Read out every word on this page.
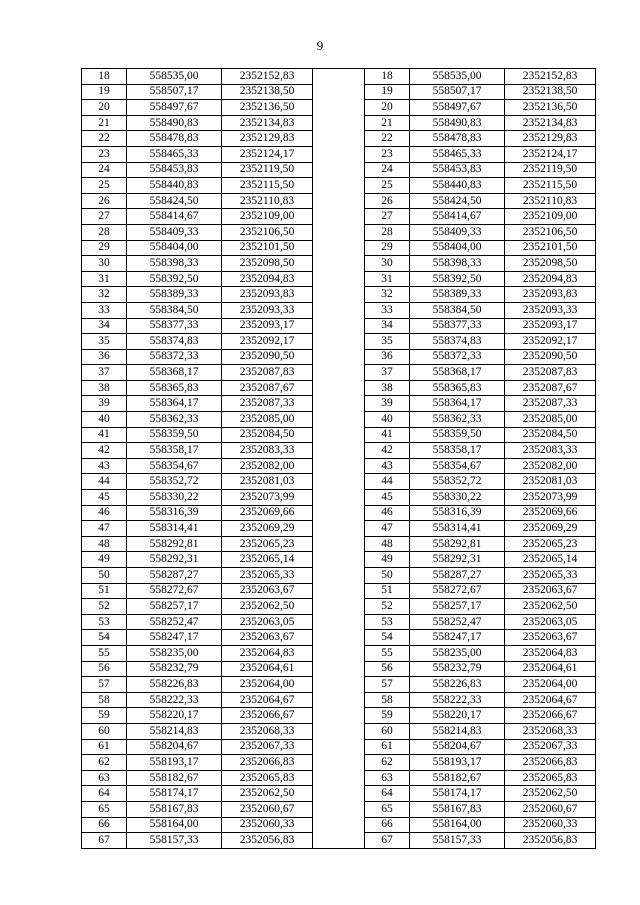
9
18	558535,00	2352152,83		18	558535,00	2352152,83
19	558507,17	2352138,50		19	558507,17	2352138,50
20	558497,67	2352136,50		20	558497,67	2352136,50
21	558490,83	2352134,83		21	558490,83	2352134,83
22	558478,83	2352129,83		22	558478,83	2352129,83
23	558465,33	2352124,17		23	558465,33	2352124,17
24	558453,83	2352119,50		24	558453,83	2352119,50
25	558440,83	2352115,50		25	558440,83	2352115,50
26	558424,50	2352110,83		26	558424,50	2352110,83
27	558414,67	2352109,00		27	558414,67	2352109,00
28	558409,33	2352106,50		28	558409,33	2352106,50
29	558404,00	2352101,50		29	558404,00	2352101,50
30	558398,33	2352098,50		30	558398,33	2352098,50
31	558392,50	2352094,83		31	558392,50	2352094,83
32	558389,33	2352093,83		32	558389,33	2352093,83
33	558384,50	2352093,33		33	558384,50	2352093,33
34	558377,33	2352093,17		34	558377,33	2352093,17
35	558374,83	2352092,17		35	558374,83	2352092,17
36	558372,33	2352090,50		36	558372,33	2352090,50
37	558368,17	2352087,83		37	558368,17	2352087,83
38	558365,83	2352087,67		38	558365,83	2352087,67
39	558364,17	2352087,33		39	558364,17	2352087,33
40	558362,33	2352085,00		40	558362,33	2352085,00
41	558359,50	2352084,50		41	558359,50	2352084,50
42	558358,17	2352083,33		42	558358,17	2352083,33
43	558354,67	2352082,00		43	558354,67	2352082,00
44	558352,72	2352081,03		44	558352,72	2352081,03
45	558330,22	2352073,99		45	558330,22	2352073,99
46	558316,39	2352069,66		46	558316,39	2352069,66
47	558314,41	2352069,29		47	558314,41	2352069,29
48	558292,81	2352065,23		48	558292,81	2352065,23
49	558292,31	2352065,14		49	558292,31	2352065,14
50	558287,27	2352065,33		50	558287,27	2352065,33
51	558272,67	2352063,67		51	558272,67	2352063,67
52	558257,17	2352062,50		52	558257,17	2352062,50
53	558252,47	2352063,05		53	558252,47	2352063,05
54	558247,17	2352063,67		54	558247,17	2352063,67
55	558235,00	2352064,83		55	558235,00	2352064,83
56	558232,79	2352064,61		56	558232,79	2352064,61
57	558226,83	2352064,00		57	558226,83	2352064,00
58	558222,33	2352064,67		58	558222,33	2352064,67
59	558220,17	2352066,67		59	558220,17	2352066,67
60	558214,83	2352068,33		60	558214,83	2352068,33
61	558204,67	2352067,33		61	558204,67	2352067,33
62	558193,17	2352066,83		62	558193,17	2352066,83
63	558182,67	2352065,83		63	558182,67	2352065,83
64	558174,17	2352062,50		64	558174,17	2352062,50
65	558167,83	2352060,67		65	558167,83	2352060,67
66	558164,00	2352060,33		66	558164,00	2352060,33
67	558157,33	2352056,83		67	558157,33	2352056,83
